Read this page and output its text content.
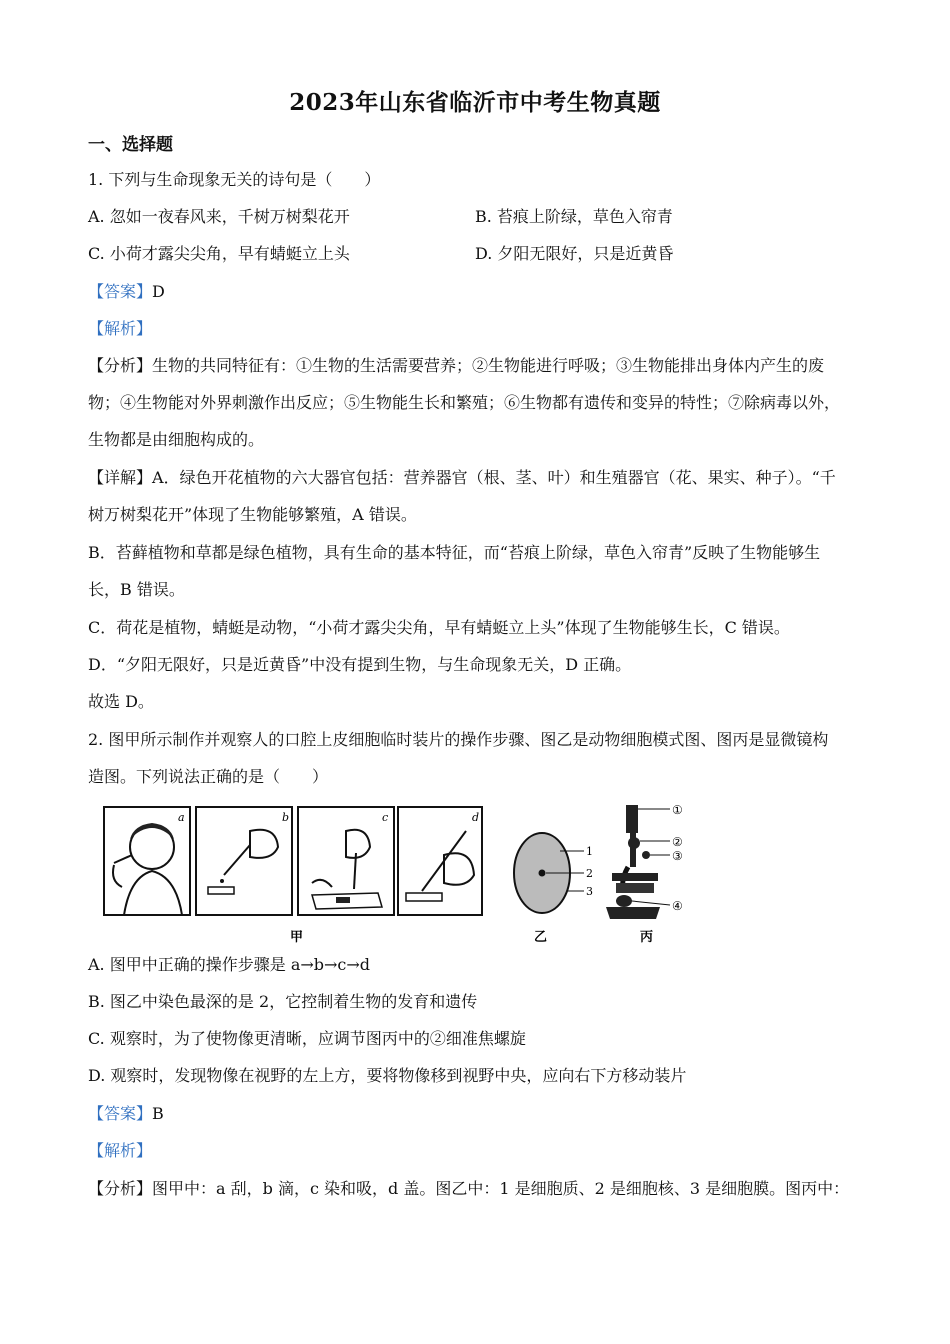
2023年山东省临沂市中考生物真题
一、选择题
1. 下列与生命现象无关的诗句是（　　）
A. 忽如一夜春风来，千树万树梨花开	B. 苔痕上阶绿，草色入帘青
C. 小荷才露尖尖角，早有蜻蜓立上头	D. 夕阳无限好，只是近黄昏
【答案】D
【解析】
【分析】生物的共同特征有：①生物的生活需要营养；②生物能进行呼吸；③生物能排出身体内产生的废
物；④生物能对外界刺激作出反应；⑤生物能生长和繁殖；⑥生物都有遗传和变异的特性；⑦除病毒以外，
生物都是由细胞构成的。
【详解】A．绿色开花植物的六大器官包括：营养器官（根、茎、叶）和生殖器官（花、果实、种子）。“千
树万树梨花开”体现了生物能够繁殖，A 错误。
B．苔藓植物和草都是绿色植物，具有生命的基本特征，而“苔痕上阶绿，草色入帘青”反映了生物能够生
长，B 错误。
C．荷花是植物，蜻蜓是动物，“小荷才露尖尖角，早有蜻蜓立上头”体现了生物能够生长，C 错误。
D．“夕阳无限好，只是近黄昏”中没有提到生物，与生命现象无关，D 正确。
故选 D。
2. 图甲所示制作并观察人的口腔上皮细胞临时装片的操作步骤、图乙是动物细胞模式图、图丙是显微镜构
造图。下列说法正确的是（　　）
a	b	c	d
甲
1
2
3
乙
①
②
③
④
丙
A. 图甲中正确的操作步骤是 a→b→c→d
B. 图乙中染色最深的是 2，它控制着生物的发育和遗传
C. 观察时，为了使物像更清晰，应调节图丙中的②细准焦螺旋
D. 观察时，发现物像在视野的左上方，要将物像移到视野中央，应向右下方移动装片
【答案】B
【解析】
【分析】图甲中：a 刮，b 滴，c 染和吸，d 盖。图乙中：1 是细胞质、2 是细胞核、3 是细胞膜。图丙中：
